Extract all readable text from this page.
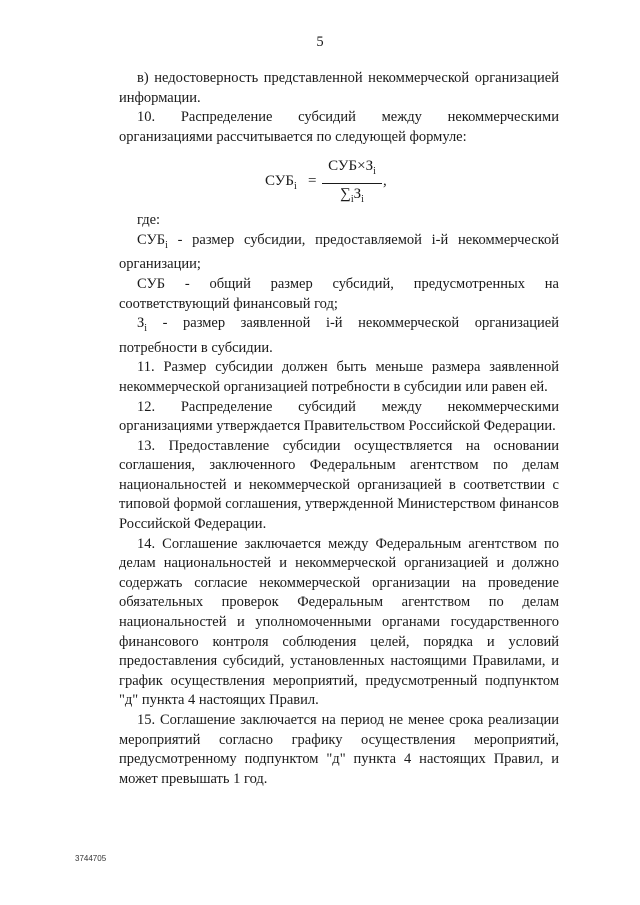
5

в) недостоверность представленной некоммерческой организацией информации.

10. Распределение субсидий между некоммерческими организациями рассчитывается по следующей формуле:

$СУБ_i$ =
$СУБ\times З_i$
$\sum_iЗ_i$
,

где:

$СУБ_i$ - размер субсидии, предоставляемой i-й некоммерческой организации;

СУБ - общий размер субсидий, предусмотренных на

соответствующий финансовый год;

$З_i$ - размер заявленной i-й некоммерческой организацией потребности в субсидии.

11. Размер субсидии должен быть меньше размера заявленной некоммерческой организацией потребности в субсидии или равен ей.

12. Распределение субсидий между некоммерческими организациями утверждается Правительством Российской Федерации.

13. Предоставление субсидии осуществляется на основании соглашения, заключенного Федеральным агентством по делам национальностей и некоммерческой организацией в соответствии с типовой формой соглашения, утвержденной Министерством финансов Российской Федерации.

14. Соглашение заключается между Федеральным агентством по делам национальностей и некоммерческой организацией и должно содержать согласие некоммерческой организации на проведение обязательных проверок Федеральным агентством по делам национальностей и уполномоченными органами государственного финансового контроля соблюдения целей, порядка и условий предоставления субсидий, установленных настоящими Правилами, и график осуществления мероприятий, предусмотренный подпунктом "д" пункта 4 настоящих Правил.

15. Соглашение заключается на период не менее срока реализации мероприятий согласно графику осуществления мероприятий, предусмотренному подпунктом "д" пункта 4 настоящих Правил, и может превышать 1 год.

3744705
